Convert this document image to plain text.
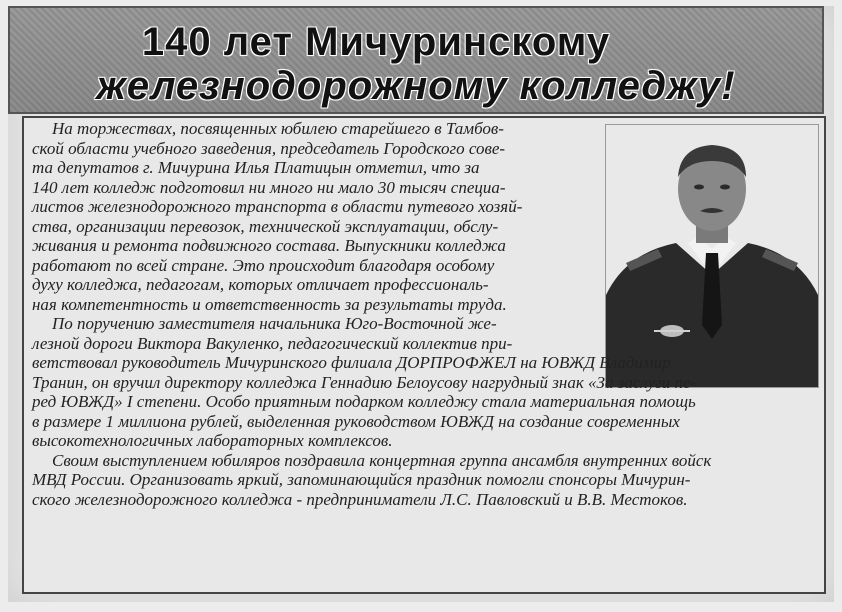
140 лет Мичуринскому
железнодорожному колледжу!
На торжествах, посвященных юбилею старейшего в Тамбов-
ской области учебного заведения, председатель Городского сове-
та депутатов г. Мичурина Илья Платицын отметил, что за
140 лет колледж подготовил ни много ни мало 30 тысяч специа-
листов железнодорожного транспорта в области путевого хозяй-
ства, организации перевозок, технической эксплуатации, обслу-
живания и ремонта подвижного состава. Выпускники колледжа
работают по всей стране. Это происходит благодаря особому
духу колледжа, педагогам, которых отличает профессиональ-
ная компетентность и ответственность за результаты труда.
По поручению заместителя начальника Юго-Восточной же-
лезной дороги Виктора Вакуленко, педагогический коллектив при-
ветствовал руководитель Мичуринского филиала ДОРПРОФЖЕЛ на ЮВЖД Владимир
Транин, он вручил директору колледжа Геннадию Белоусову нагрудный знак «За заслуги пе-
ред ЮВЖД» I степени. Особо приятным подарком колледжу стала материальная помощь
в размере 1 миллиона рублей, выделенная руководством ЮВЖД на создание современных
высокотехнологичных лабораторных комплексов.
Своим выступлением юбиляров поздравила концертная группа ансамбля внутренних войск
МВД России. Организовать яркий, запоминающийся праздник помогли спонсоры Мичурин-
ского железнодорожного колледжа - предприниматели Л.С. Павловский и В.В. Местоков.
